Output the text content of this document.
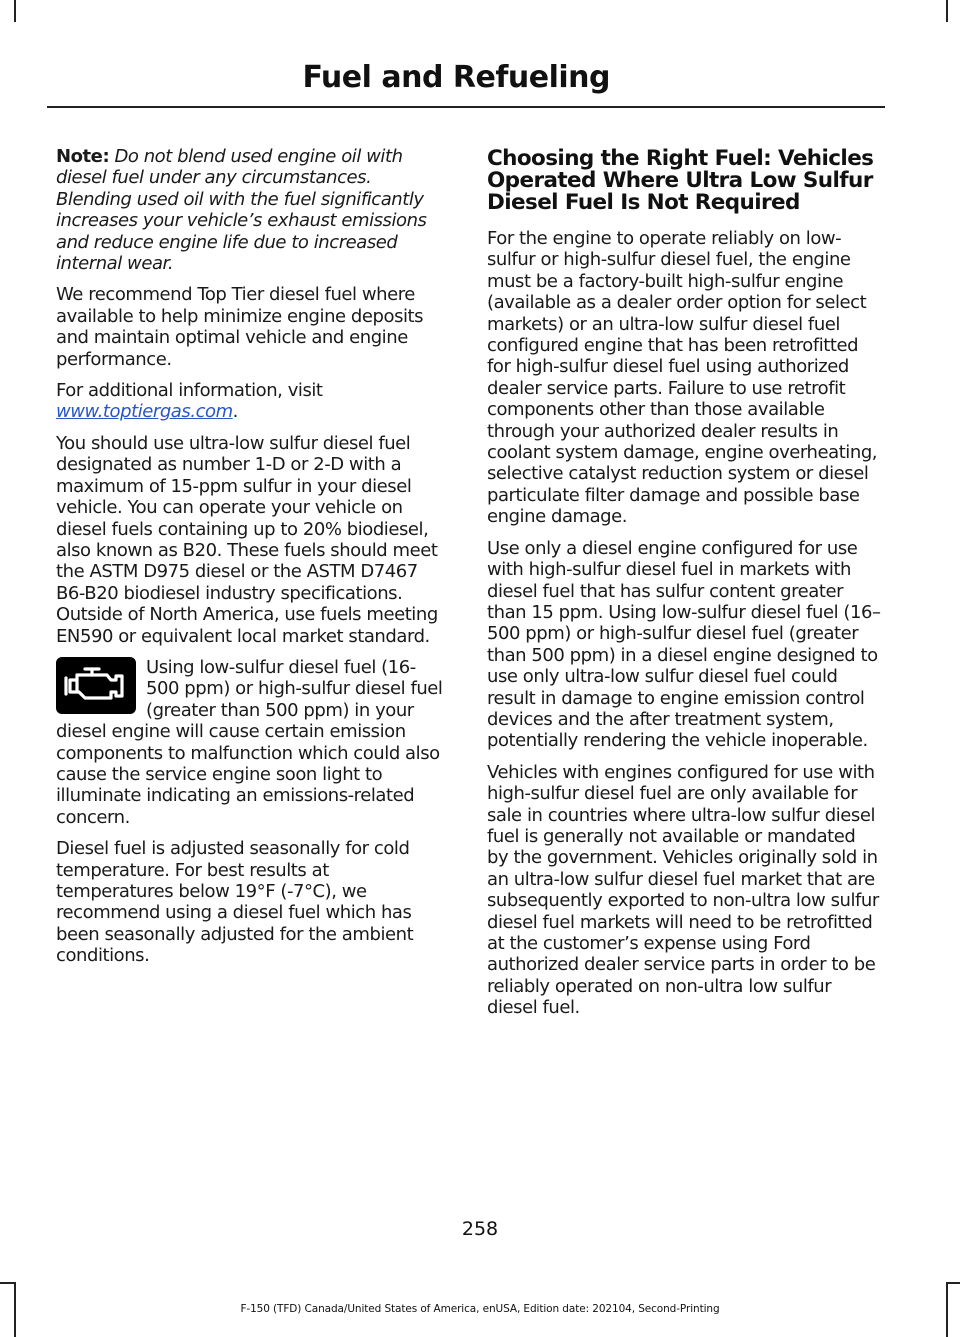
Fuel and Refueling

Note: Do not blend used engine oil with diesel fuel under any circumstances. Blending used oil with the fuel significantly increases your vehicle’s exhaust emissions and reduce engine life due to increased internal wear.

We recommend Top Tier diesel fuel where available to help minimize engine deposits and maintain optimal vehicle and engine performance.

For additional information, visit www.toptiergas.com.

You should use ultra-low sulfur diesel fuel designated as number 1-D or 2-D with a maximum of 15-ppm sulfur in your diesel vehicle. You can operate your vehicle on diesel fuels containing up to 20% biodiesel, also known as B20. These fuels should meet the ASTM D975 diesel or the ASTM D7467 B6-B20 biodiesel industry specifications. Outside of North America, use fuels meeting EN590 or equivalent local market standard.

Using low-sulfur diesel fuel (16-500 ppm) or high-sulfur diesel fuel (greater than 500 ppm) in your diesel engine will cause certain emission components to malfunction which could also cause the service engine soon light to illuminate indicating an emissions-related concern.

Diesel fuel is adjusted seasonally for cold temperature. For best results at temperatures below 19°F (-7°C), we recommend using a diesel fuel which has been seasonally adjusted for the ambient conditions.

Choosing the Right Fuel: Vehicles Operated Where Ultra Low Sulfur Diesel Fuel Is Not Required

For the engine to operate reliably on low-sulfur or high-sulfur diesel fuel, the engine must be a factory-built high-sulfur engine (available as a dealer order option for select markets) or an ultra-low sulfur diesel fuel configured engine that has been retrofitted for high-sulfur diesel fuel using authorized dealer service parts. Failure to use retrofit components other than those available through your authorized dealer results in coolant system damage, engine overheating, selective catalyst reduction system or diesel particulate filter damage and possible base engine damage.

Use only a diesel engine configured for use with high-sulfur diesel fuel in markets with diesel fuel that has sulfur content greater than 15 ppm. Using low-sulfur diesel fuel (16–500 ppm) or high-sulfur diesel fuel (greater than 500 ppm) in a diesel engine designed to use only ultra-low sulfur diesel fuel could result in damage to engine emission control devices and the after treatment system, potentially rendering the vehicle inoperable.

Vehicles with engines configured for use with high-sulfur diesel fuel are only available for sale in countries where ultra-low sulfur diesel fuel is generally not available or mandated by the government. Vehicles originally sold in an ultra-low sulfur diesel fuel market that are subsequently exported to non-ultra low sulfur diesel fuel markets will need to be retrofitted at the customer’s expense using Ford authorized dealer service parts in order to be reliably operated on non-ultra low sulfur diesel fuel.

258
F-150 (TFD) Canada/United States of America, enUSA, Edition date: 202104, Second-Printing
